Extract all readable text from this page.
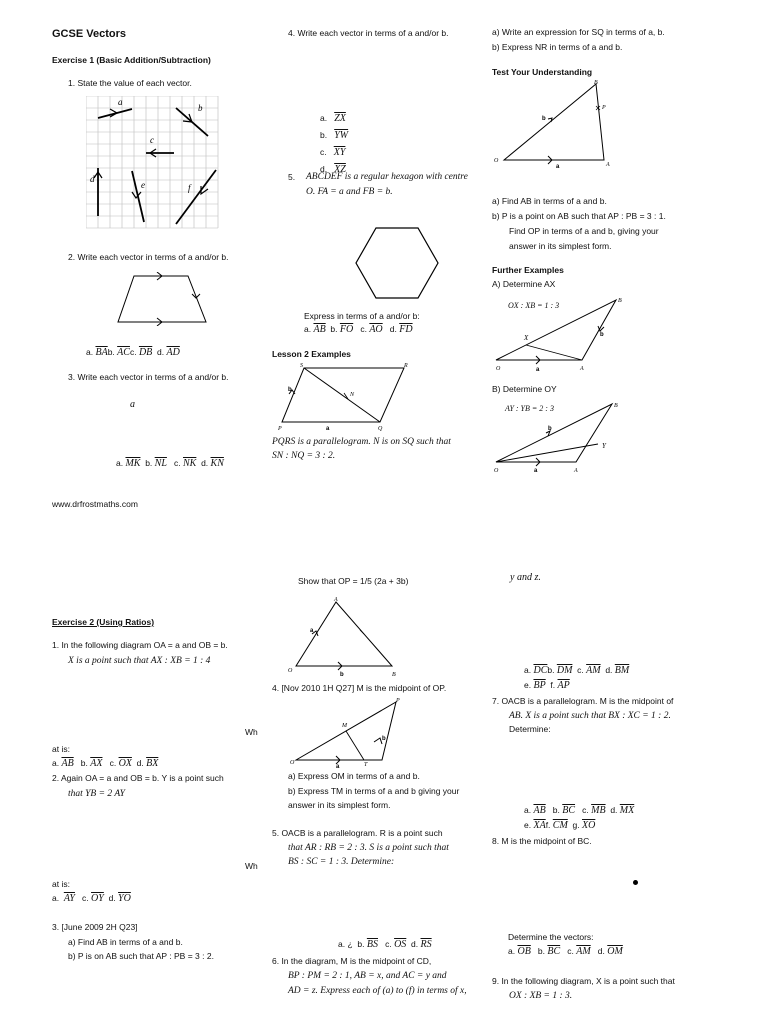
GCSE Vectors
Exercise 1 (Basic Addition/Subtraction)
1. State the value of each vector.
a
b
c
d
e	f
2. Write each vector in terms of a and/or b.
a. $\overline{BA}b$. $\overline{AC}c$. $\overline{DB}$ d. $\overline{AD}$
3. Write each vector in terms of a and/or b.
a
a. $\overline{MK}$ b. $\overline{NL}$ c. $\overline{NK}$ d. $\overline{KN}$
www.drfrostmaths.com
4. Write each vector in terms of a and/or b.
a. $\overline{ZX}$
b. $\overline{YW}$
c. $\overline{XY}$
d. $\overline{XZ}$
5. ABCDEF is a regular hexagon with centre
O. FA = a and FB = b.
Express in terms of a and/or b:
a. $\overline{AB}$ b. $\overline{FO}$ c. $\overline{AO}$ d. $\overline{FD}$
Lesson 2 Examples
S	R
P	Q
N
b
a
PQRS is a parallelogram. N is on SQ such that
SN : NQ = 3 : 2.
a) Write an expression for SQ in terms of a, b.
b) Express NR in terms of a and b.
Test Your Understanding
B
P
O
A
b
a
a) Find AB in terms of a and b.
b) P is a point on AB such that AP : PB = 3 : 1.
Find OP in terms of a and b, giving your
answer in its simplest form.
Further Examples
A) Determine AX
OX : XB = 1 : 3	B
X
O	A
a
b
B) Determine OY
AY : YB = 2 : 3	B
Y
O	A
a
b
Show that OP = 1/5 (2a + 3b)	y and z.
Exercise 2 (Using Ratios)
1. In the following diagram OA = a and OB = b.
X is a point such that AX : XB = 1 : 4
A
B
O
a
b
Wh
at is:
a. $\overline{AB}$ b. $\overline{AX}$ c. $\overline{OX}$ d. $\overline{BX}$
2. Again OA = a and OB = b. Y is a point such
that YB = 2 AY
Wh
at is:
a. $\overline{AY}$ c. $\overline{OY}$ d. $\overline{YO}$
3. [June 2009 2H Q23]
a) Find AB in terms of a and b.
b) P is on AB such that AP : PB = 3 : 2.
4. [Nov 2010 1H Q27] M is the midpoint of OP.
P
M
O	T
b
a
a) Express OM in terms of a and b.
b) Express TM in terms of a and b giving your
answer in its simplest form.
5. OACB is a parallelogram. R is a point such
that AR : RB = 2 : 3. S is a point such that
BS : SC = 1 : 3. Determine:
a. ¿ b. $\overline{BS}$ c. $\overline{OS}$ d. $\overline{RS}$
6. In the diagram, M is the midpoint of CD,
BP : PM = 2 : 1, AB = x, and AC = y and
AD = z. Express each of (a) to (f) in terms of x,
a. $\overline{DC}b$. $\overline{DM}$ c. $\overline{AM}$ d. $\overline{BM}$
e. $\overline{BP}$ f. $\overline{AP}$
7. OACB is a parallelogram. M is the midpoint of
AB. X is a point such that BX : XC = 1 : 2.
Determine:
a. $\overline{AB}$ b. $\overline{BC}$ c. $\overline{MB}$ d. $\overline{MX}$
e. $\overline{XA}f$. $\overline{CM}$ g. $\overline{XO}$
8. M is the midpoint of BC.
Determine the vectors:
a. $\overline{OB}$ b. $\overline{BC}$ c. $\overline{AM}$ d. $\overline{OM}$
9. In the following diagram, X is a point such that
OX : XB = 1 : 3.
